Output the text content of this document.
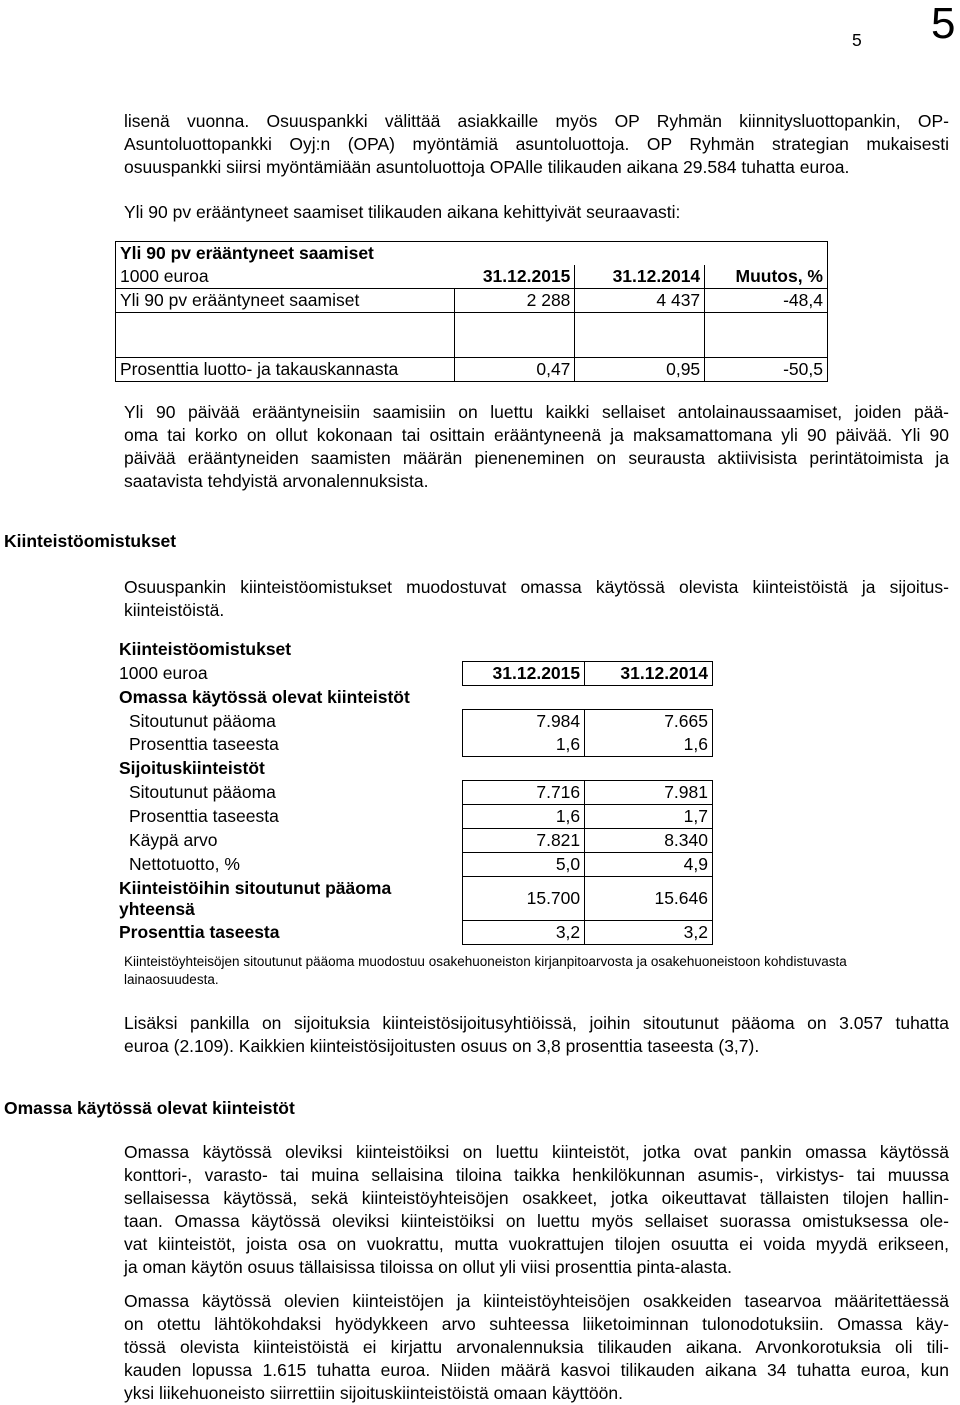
5 5
lisenä vuonna. Osuuspankki välittää asiakkaille myös OP Ryhmän kiinnitysluottopankin, OP-
Asuntoluottopankki Oyj:n (OPA) myöntämiä asuntoluottoja. OP Ryhmän strategian mukaisesti
osuuspankki siirsi myöntämiään asuntoluottoja OPAlle tilikauden aikana 29.584 tuhatta euroa.
Yli 90 pv erääntyneet saamiset tilikauden aikana kehittyivät seuraavasti:
Yli 90 pv erääntyneet saamiset			
1000 euroa	31.12.2015	31.12.2014	Muutos, %
Yli 90 pv erääntyneet saamiset	2 288	4 437	-48,4

Prosenttia luotto- ja takauskannasta	0,47	0,95	-50,5
Yli 90 päivää erääntyneisiin saamisiin on luettu kaikki sellaiset antolainaussaamiset, joiden pää-
oma tai korko on ollut kokonaan tai osittain erääntyneenä ja maksamattomana yli 90 päivää. Yli 90
päivää erääntyneiden saamisten määrän pieneneminen on seurausta aktiivisista perintätoimista ja
saatavista tehdyistä arvonalennuksista.
Kiinteistöomistukset
Osuuspankin kiinteistöomistukset muodostuvat omassa käytössä olevista kiinteistöistä ja sijoitus-
kiinteistöistä.
Kiinteistöomistukset		
1000 euroa	31.12.2015	31.12.2014
Omassa käytössä olevat kiinteistöt		
Sitoutunut pääoma	7.984	7.665
Prosenttia taseesta	1,6	1,6
Sijoituskiinteistöt		
Sitoutunut pääoma	7.716	7.981
Prosenttia taseesta	1,6	1,7
Käypä arvo	7.821	8.340
Nettotuotto, %	5,0	4,9

Kiinteistöihin sitoutunut pääoma
yhteensä	15.700	15.646
Prosenttia taseesta	3,2	3,2
Kiinteistöyhteisöjen sitoutunut pääoma muodostuu osakehuoneiston kirjanpitoarvosta ja osakehuoneistoon kohdistuvasta
lainaosuudesta.
Lisäksi pankilla on sijoituksia kiinteistösijoitusyhtiöissä, joihin sitoutunut pääoma on 3.057 tuhatta
euroa (2.109). Kaikkien kiinteistösijoitusten osuus on 3,8 prosenttia taseesta (3,7).
Omassa käytössä olevat kiinteistöt
Omassa käytössä oleviksi kiinteistöiksi on luettu kiinteistöt, jotka ovat pankin omassa käytössä
konttori-, varasto- tai muina sellaisina tiloina taikka henkilökunnan asumis-, virkistys- tai muussa
sellaisessa käytössä, sekä kiinteistöyhteisöjen osakkeet, jotka oikeuttavat tällaisten tilojen hallin-
taan. Omassa käytössä oleviksi kiinteistöiksi on luettu myös sellaiset suorassa omistuksessa ole-
vat kiinteistöt, joista osa on vuokrattu, mutta vuokrattujen tilojen osuutta ei voida myydä erikseen,
ja oman käytön osuus tällaisissa tiloissa on ollut yli viisi prosenttia pinta-alasta.
Omassa käytössä olevien kiinteistöjen ja kiinteistöyhteisöjen osakkeiden tasearvoa määritettäessä
on otettu lähtökohdaksi hyödykkeen arvo suhteessa liiketoiminnan tulonodotuksiin. Omassa käy-
tössä olevista kiinteistöistä ei kirjattu arvonalennuksia tilikauden aikana. Arvonkorotuksia oli tili-
kauden lopussa 1.615 tuhatta euroa. Niiden määrä kasvoi tilikauden aikana 34 tuhatta euroa, kun
yksi liikehuoneisto siirrettiin sijoituskiinteistöistä omaan käyttöön.
